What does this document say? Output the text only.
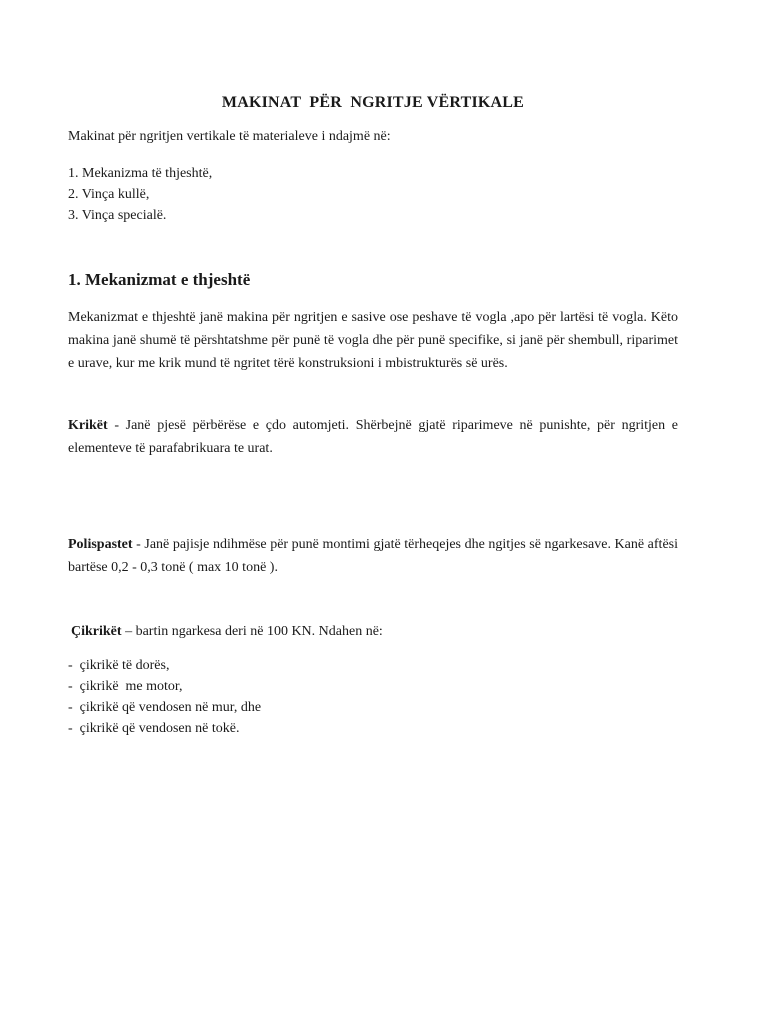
MAKINAT  PËR  NGRITJE VËRTIKALE
Makinat për ngritjen vertikale të materialeve i ndajmë në:
1. Mekanizma të thjeshtë,
2. Vinça kullë,
3. Vinça specialë.
1. Mekanizmat e thjeshtë

Mekanizmat e thjeshtë janë makina për ngritjen e sasive ose peshave të vogla ,apo për lartësi të vogla. Këto makina janë shumë të përshtatshme për punë të vogla dhe për punë specifike, si janë për shembull, riparimet e urave, kur me krik mund të ngritet tërë konstruksioni i mbistrukturës së urës.

Krikët - Janë pjesë përbërëse e çdo automjeti. Shërbejnë gjatë riparimeve në punishte, për ngritjen e elementeve të parafabrikuara te urat.

Polispastet - Janë pajisje ndihmëse për punë montimi gjatë tërheqejes dhe ngitjes së ngarkesave. Kanë aftësi bartëse 0,2 - 0,3 tonë ( max 10 tonë ).

Çikrikët – bartin ngarkesa deri në 100 KN. Ndahen në:

-  çikrikë të dorës,
-  çikrikë  me motor,
-  çikrikë që vendosen në mur, dhe
-  çikrikë që vendosen në tokë.
